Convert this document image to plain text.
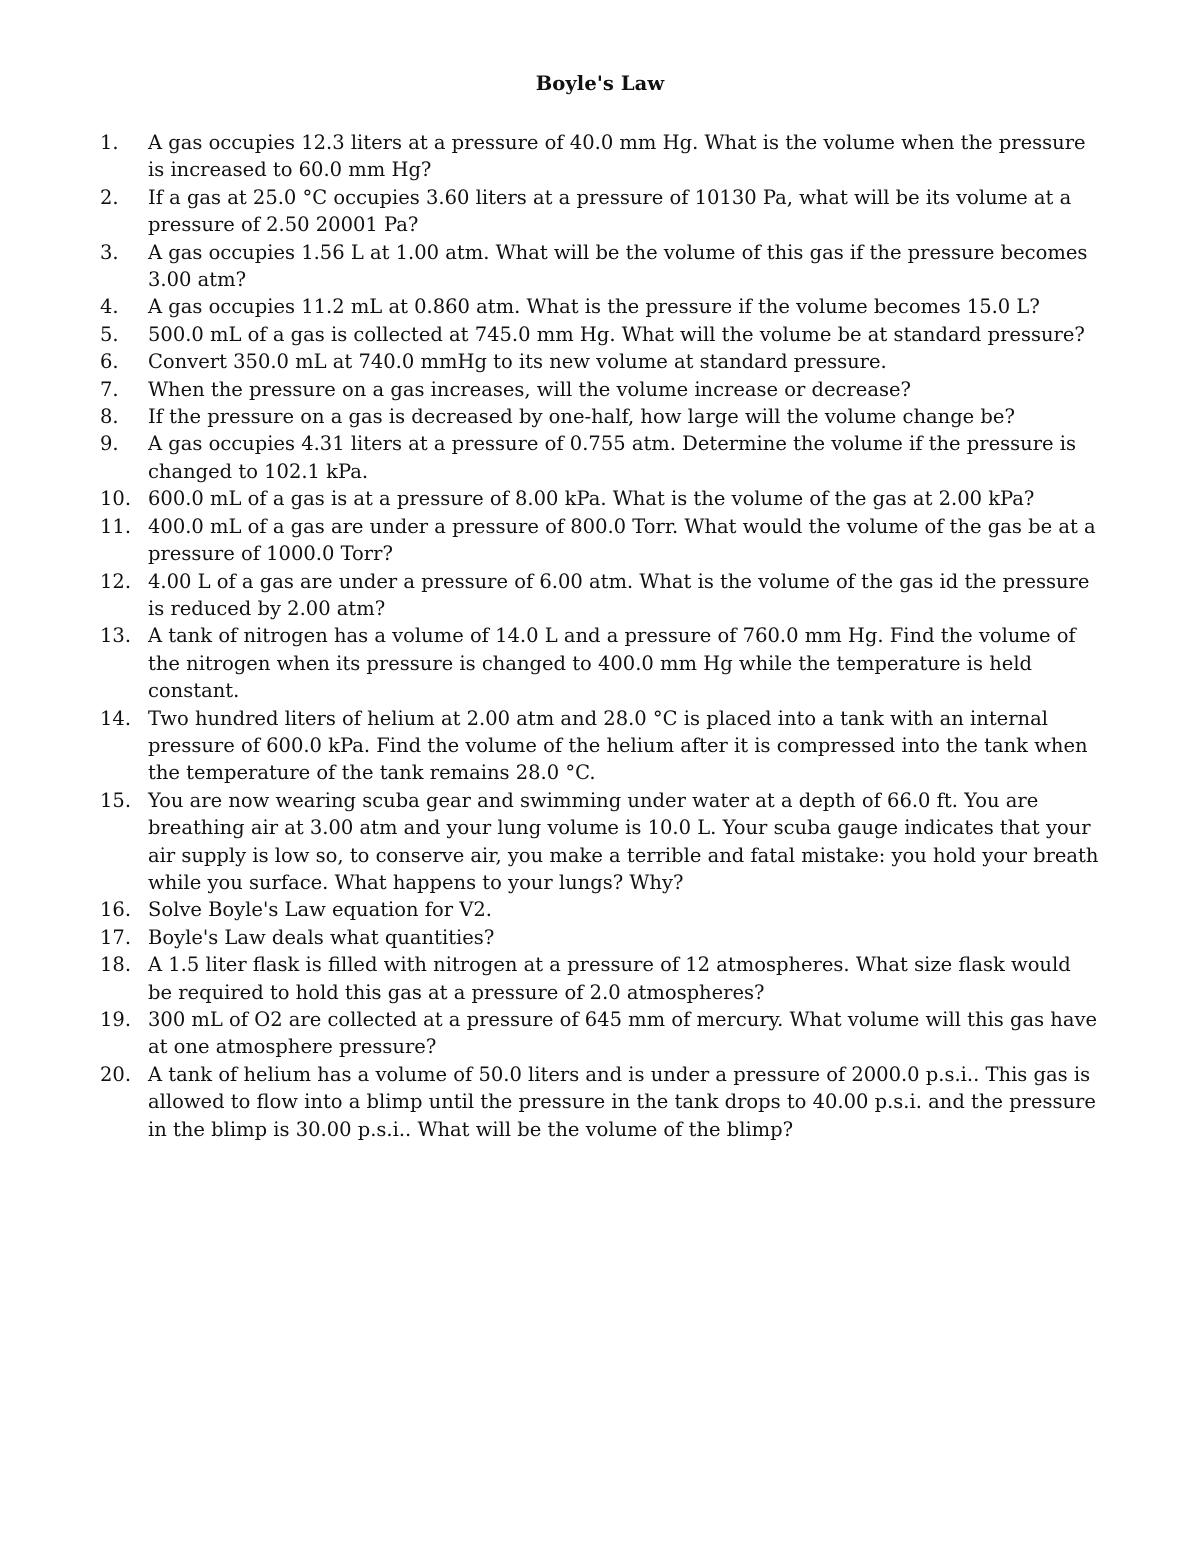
Boyle's Law
1. A gas occupies 12.3 liters at a pressure of 40.0 mm Hg. What is the volume when the pressure is increased to 60.0 mm Hg?
2. If a gas at 25.0 °C occupies 3.60 liters at a pressure of 10130 Pa, what will be its volume at a pressure of 2.50 20001 Pa?
3. A gas occupies 1.56 L at 1.00 atm. What will be the volume of this gas if the pressure becomes 3.00 atm?
4. A gas occupies 11.2 mL at 0.860 atm. What is the pressure if the volume becomes 15.0 L?
5. 500.0 mL of a gas is collected at 745.0 mm Hg. What will the volume be at standard pressure?
6. Convert 350.0 mL at 740.0 mmHg to its new volume at standard pressure.
7. When the pressure on a gas increases, will the volume increase or decrease?
8. If the pressure on a gas is decreased by one-half, how large will the volume change be?
9. A gas occupies 4.31 liters at a pressure of 0.755 atm. Determine the volume if the pressure is changed to 102.1 kPa.
10. 600.0 mL of a gas is at a pressure of 8.00 kPa. What is the volume of the gas at 2.00 kPa?
11. 400.0 mL of a gas are under a pressure of 800.0 Torr. What would the volume of the gas be at a pressure of 1000.0 Torr?
12. 4.00 L of a gas are under a pressure of 6.00 atm. What is the volume of the gas id the pressure is reduced by 2.00 atm?
13. A tank of nitrogen has a volume of 14.0 L and a pressure of 760.0 mm Hg. Find the volume of the nitrogen when its pressure is changed to 400.0 mm Hg while the temperature is held constant.
14. Two hundred liters of helium at 2.00 atm and 28.0 °C is placed into a tank with an internal pressure of 600.0 kPa. Find the volume of the helium after it is compressed into the tank when the temperature of the tank remains 28.0 °C.
15. You are now wearing scuba gear and swimming under water at a depth of 66.0 ft. You are breathing air at 3.00 atm and your lung volume is 10.0 L. Your scuba gauge indicates that your air supply is low so, to conserve air, you make a terrible and fatal mistake: you hold your breath while you surface. What happens to your lungs? Why?
16. Solve Boyle's Law equation for V2.
17. Boyle's Law deals what quantities?
18. A 1.5 liter flask is filled with nitrogen at a pressure of 12 atmospheres. What size flask would be required to hold this gas at a pressure of 2.0 atmospheres?
19. 300 mL of O2 are collected at a pressure of 645 mm of mercury. What volume will this gas have at one atmosphere pressure?
20. A tank of helium has a volume of 50.0 liters and is under a pressure of 2000.0 p.s.i.. This gas is allowed to flow into a blimp until the pressure in the tank drops to 40.00 p.s.i. and the pressure in the blimp is 30.00 p.s.i.. What will be the volume of the blimp?
